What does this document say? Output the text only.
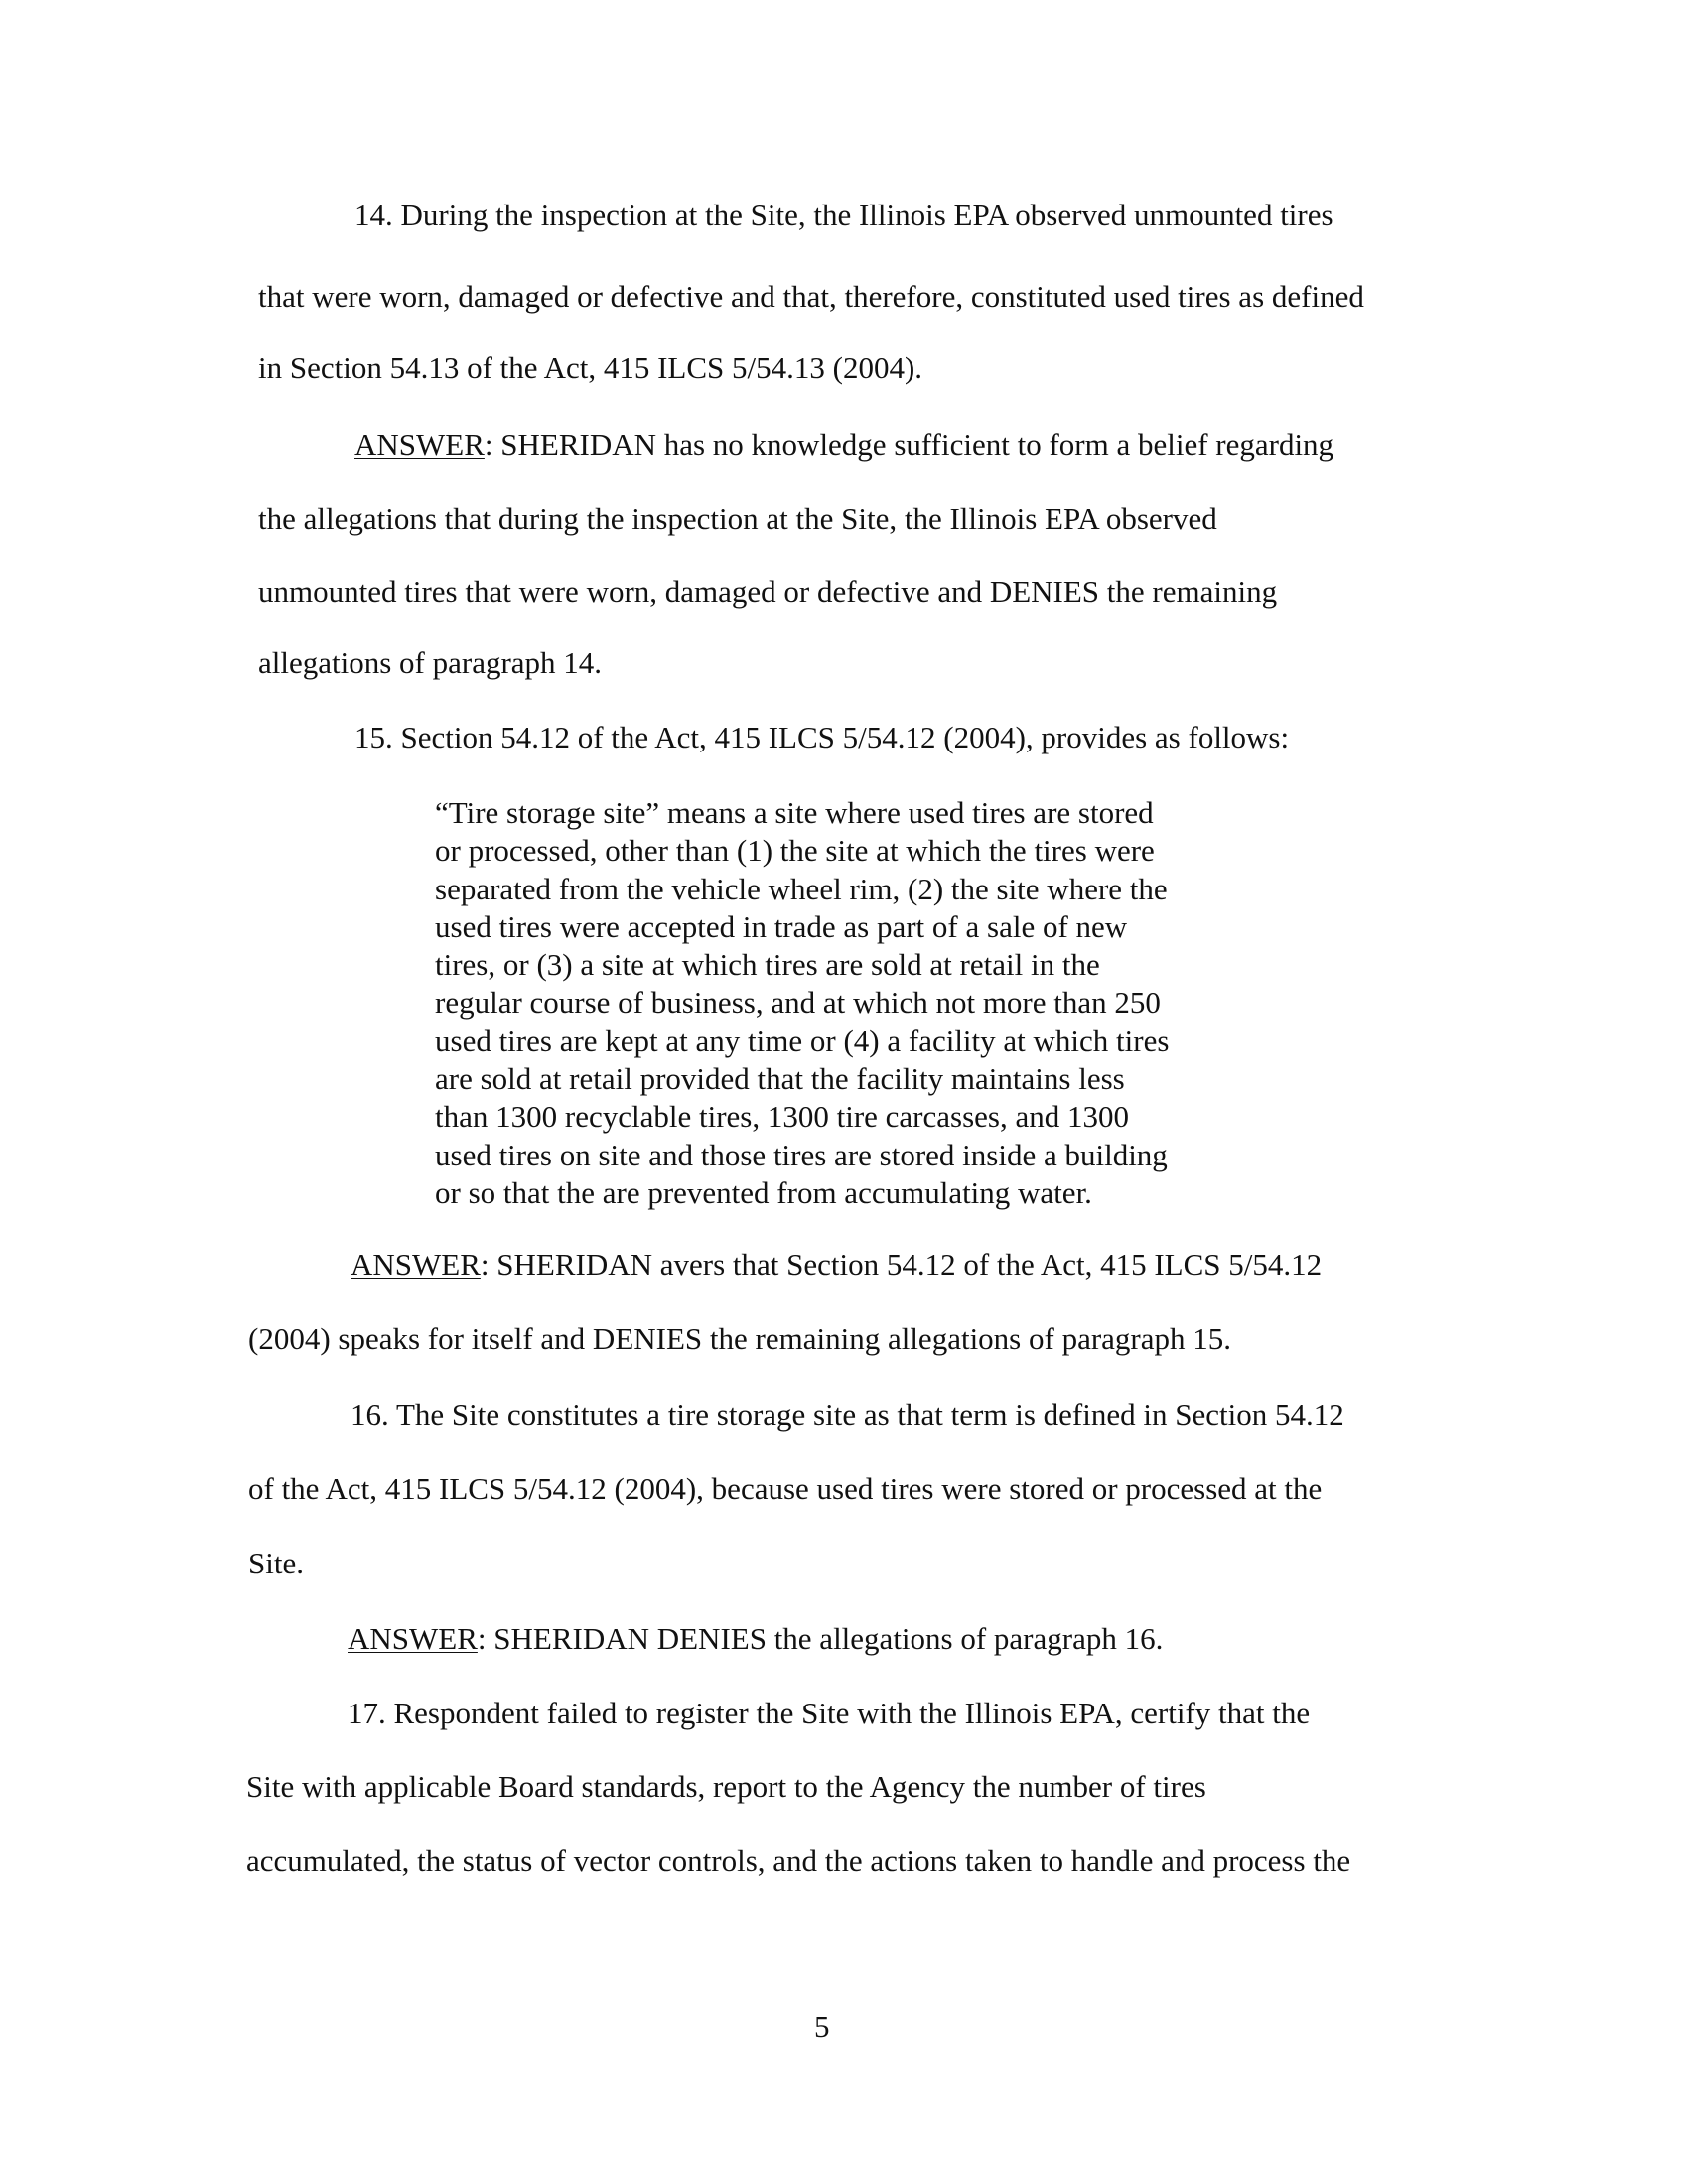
14. During the inspection at the Site, the Illinois EPA observed unmounted tires

that were worn, damaged or defective and that, therefore, constituted used tires as defined

in Section 54.13 of the Act, 415 ILCS 5/54.13 (2004).

ANSWER: SHERIDAN has no knowledge sufficient to form a belief regarding

the allegations that during the inspection at the Site, the Illinois EPA observed

unmounted tires that were worn, damaged or defective and DENIES the remaining

allegations of paragraph 14.

15. Section 54.12 of the Act, 415 ILCS 5/54.12 (2004), provides as follows:

“Tire storage site” means a site where used tires are stored
or processed, other than (1) the site at which the tires were
separated from the vehicle wheel rim, (2) the site where the
used tires were accepted in trade as part of a sale of new
tires, or (3) a site at which tires are sold at retail in the
regular course of business, and at which not more than 250
used tires are kept at any time or (4) a facility at which tires
are sold at retail provided that the facility maintains less
than 1300 recyclable tires, 1300 tire carcasses, and 1300
used tires on site and those tires are stored inside a building
or so that the are prevented from accumulating water.

ANSWER: SHERIDAN avers that Section 54.12 of the Act, 415 ILCS 5/54.12

(2004) speaks for itself and DENIES the remaining allegations of paragraph 15.

16. The Site constitutes a tire storage site as that term is defined in Section 54.12

of the Act, 415 ILCS 5/54.12 (2004), because used tires were stored or processed at the

Site.

ANSWER: SHERIDAN DENIES the allegations of paragraph 16.

17. Respondent failed to register the Site with the Illinois EPA, certify that the

Site with applicable Board standards, report to the Agency the number of tires

accumulated, the status of vector controls, and the actions taken to handle and process the

5
